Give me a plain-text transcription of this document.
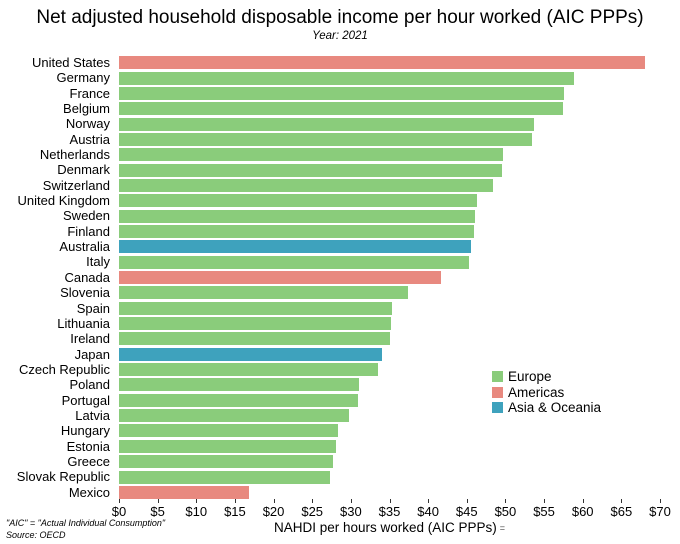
Net adjusted household disposable income per hour worked (AIC PPPs)
Year: 2021
United States
Germany
France
Belgium
Norway
Austria
Netherlands
Denmark
Switzerland
United Kingdom
Sweden
Finland
Australia
Italy
Canada
Slovenia
Spain
Lithuania
Ireland
Japan
Czech Republic
Poland
Portugal
Latvia
Hungary
Estonia
Greece
Slovak Republic
Mexico
$0	$5	$10	$15	$20	$25	$30	$35	$40	$45	$50	$55	$60	$65	$70
NAHDI per hours worked (AIC PPPs) =
Europe
Americas
Asia & Oceania
"AIC" = "Actual Individual Consumption"
Source: OECD
